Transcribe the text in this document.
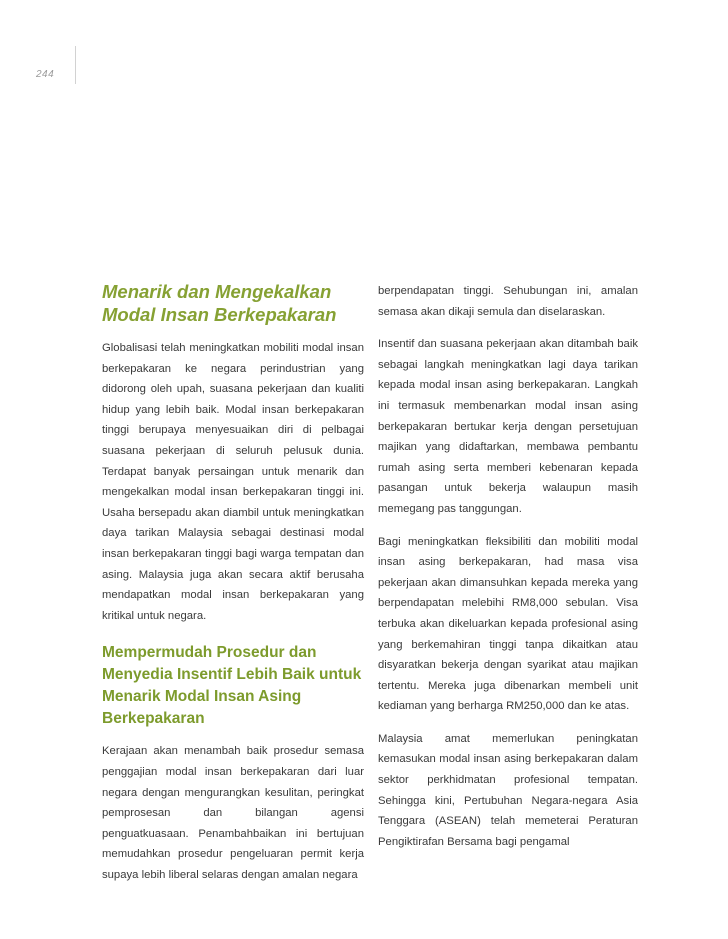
244
Menarik dan Mengekalkan Modal Insan Berkepakaran

Globalisasi telah meningkatkan mobiliti modal insan berkepakaran ke negara perindustrian yang didorong oleh upah, suasana pekerjaan dan kualiti hidup yang lebih baik. Modal insan berkepakaran tinggi berupaya menyesuaikan diri di pelbagai suasana pekerjaan di seluruh pelusuk dunia. Terdapat banyak persaingan untuk menarik dan mengekalkan modal insan berkepakaran tinggi ini. Usaha bersepadu akan diambil untuk meningkatkan daya tarikan Malaysia sebagai destinasi modal insan berkepakaran tinggi bagi warga tempatan dan asing. Malaysia juga akan secara aktif berusaha mendapatkan modal insan berkepakaran yang kritikal untuk negara.

Mempermudah Prosedur dan Menyedia Insentif Lebih Baik untuk Menarik Modal Insan Asing Berkepakaran

Kerajaan akan menambah baik prosedur semasa penggajian modal insan berkepakaran dari luar negara dengan mengurangkan kesulitan, peringkat pemprosesan dan bilangan agensi penguatkuasaan. Penambahbaikan ini bertujuan memudahkan prosedur pengeluaran permit kerja supaya lebih liberal selaras dengan amalan negara

berpendapatan tinggi. Sehubungan ini, amalan semasa akan dikaji semula dan diselaraskan.

Insentif dan suasana pekerjaan akan ditambah baik sebagai langkah meningkatkan lagi daya tarikan kepada modal insan asing berkepakaran. Langkah ini termasuk membenarkan modal insan asing berkepakaran bertukar kerja dengan persetujuan majikan yang didaftarkan, membawa pembantu rumah asing serta memberi kebenaran kepada pasangan untuk bekerja walaupun masih memegang pas tanggungan.

Bagi meningkatkan fleksibiliti dan mobiliti modal insan asing berkepakaran, had masa visa pekerjaan akan dimansuhkan kepada mereka yang berpendapatan melebihi RM8,000 sebulan. Visa terbuka akan dikeluarkan kepada profesional asing yang berkemahiran tinggi tanpa dikaitkan atau disyaratkan bekerja dengan syarikat atau majikan tertentu. Mereka juga dibenarkan membeli unit kediaman yang berharga RM250,000 dan ke atas.

Malaysia amat memerlukan peningkatan kemasukan modal insan asing berkepakaran dalam sektor perkhidmatan profesional tempatan. Sehingga kini, Pertubuhan Negara-negara Asia Tenggara (ASEAN) telah memeterai Peraturan Pengiktirafan Bersama bagi pengamal
